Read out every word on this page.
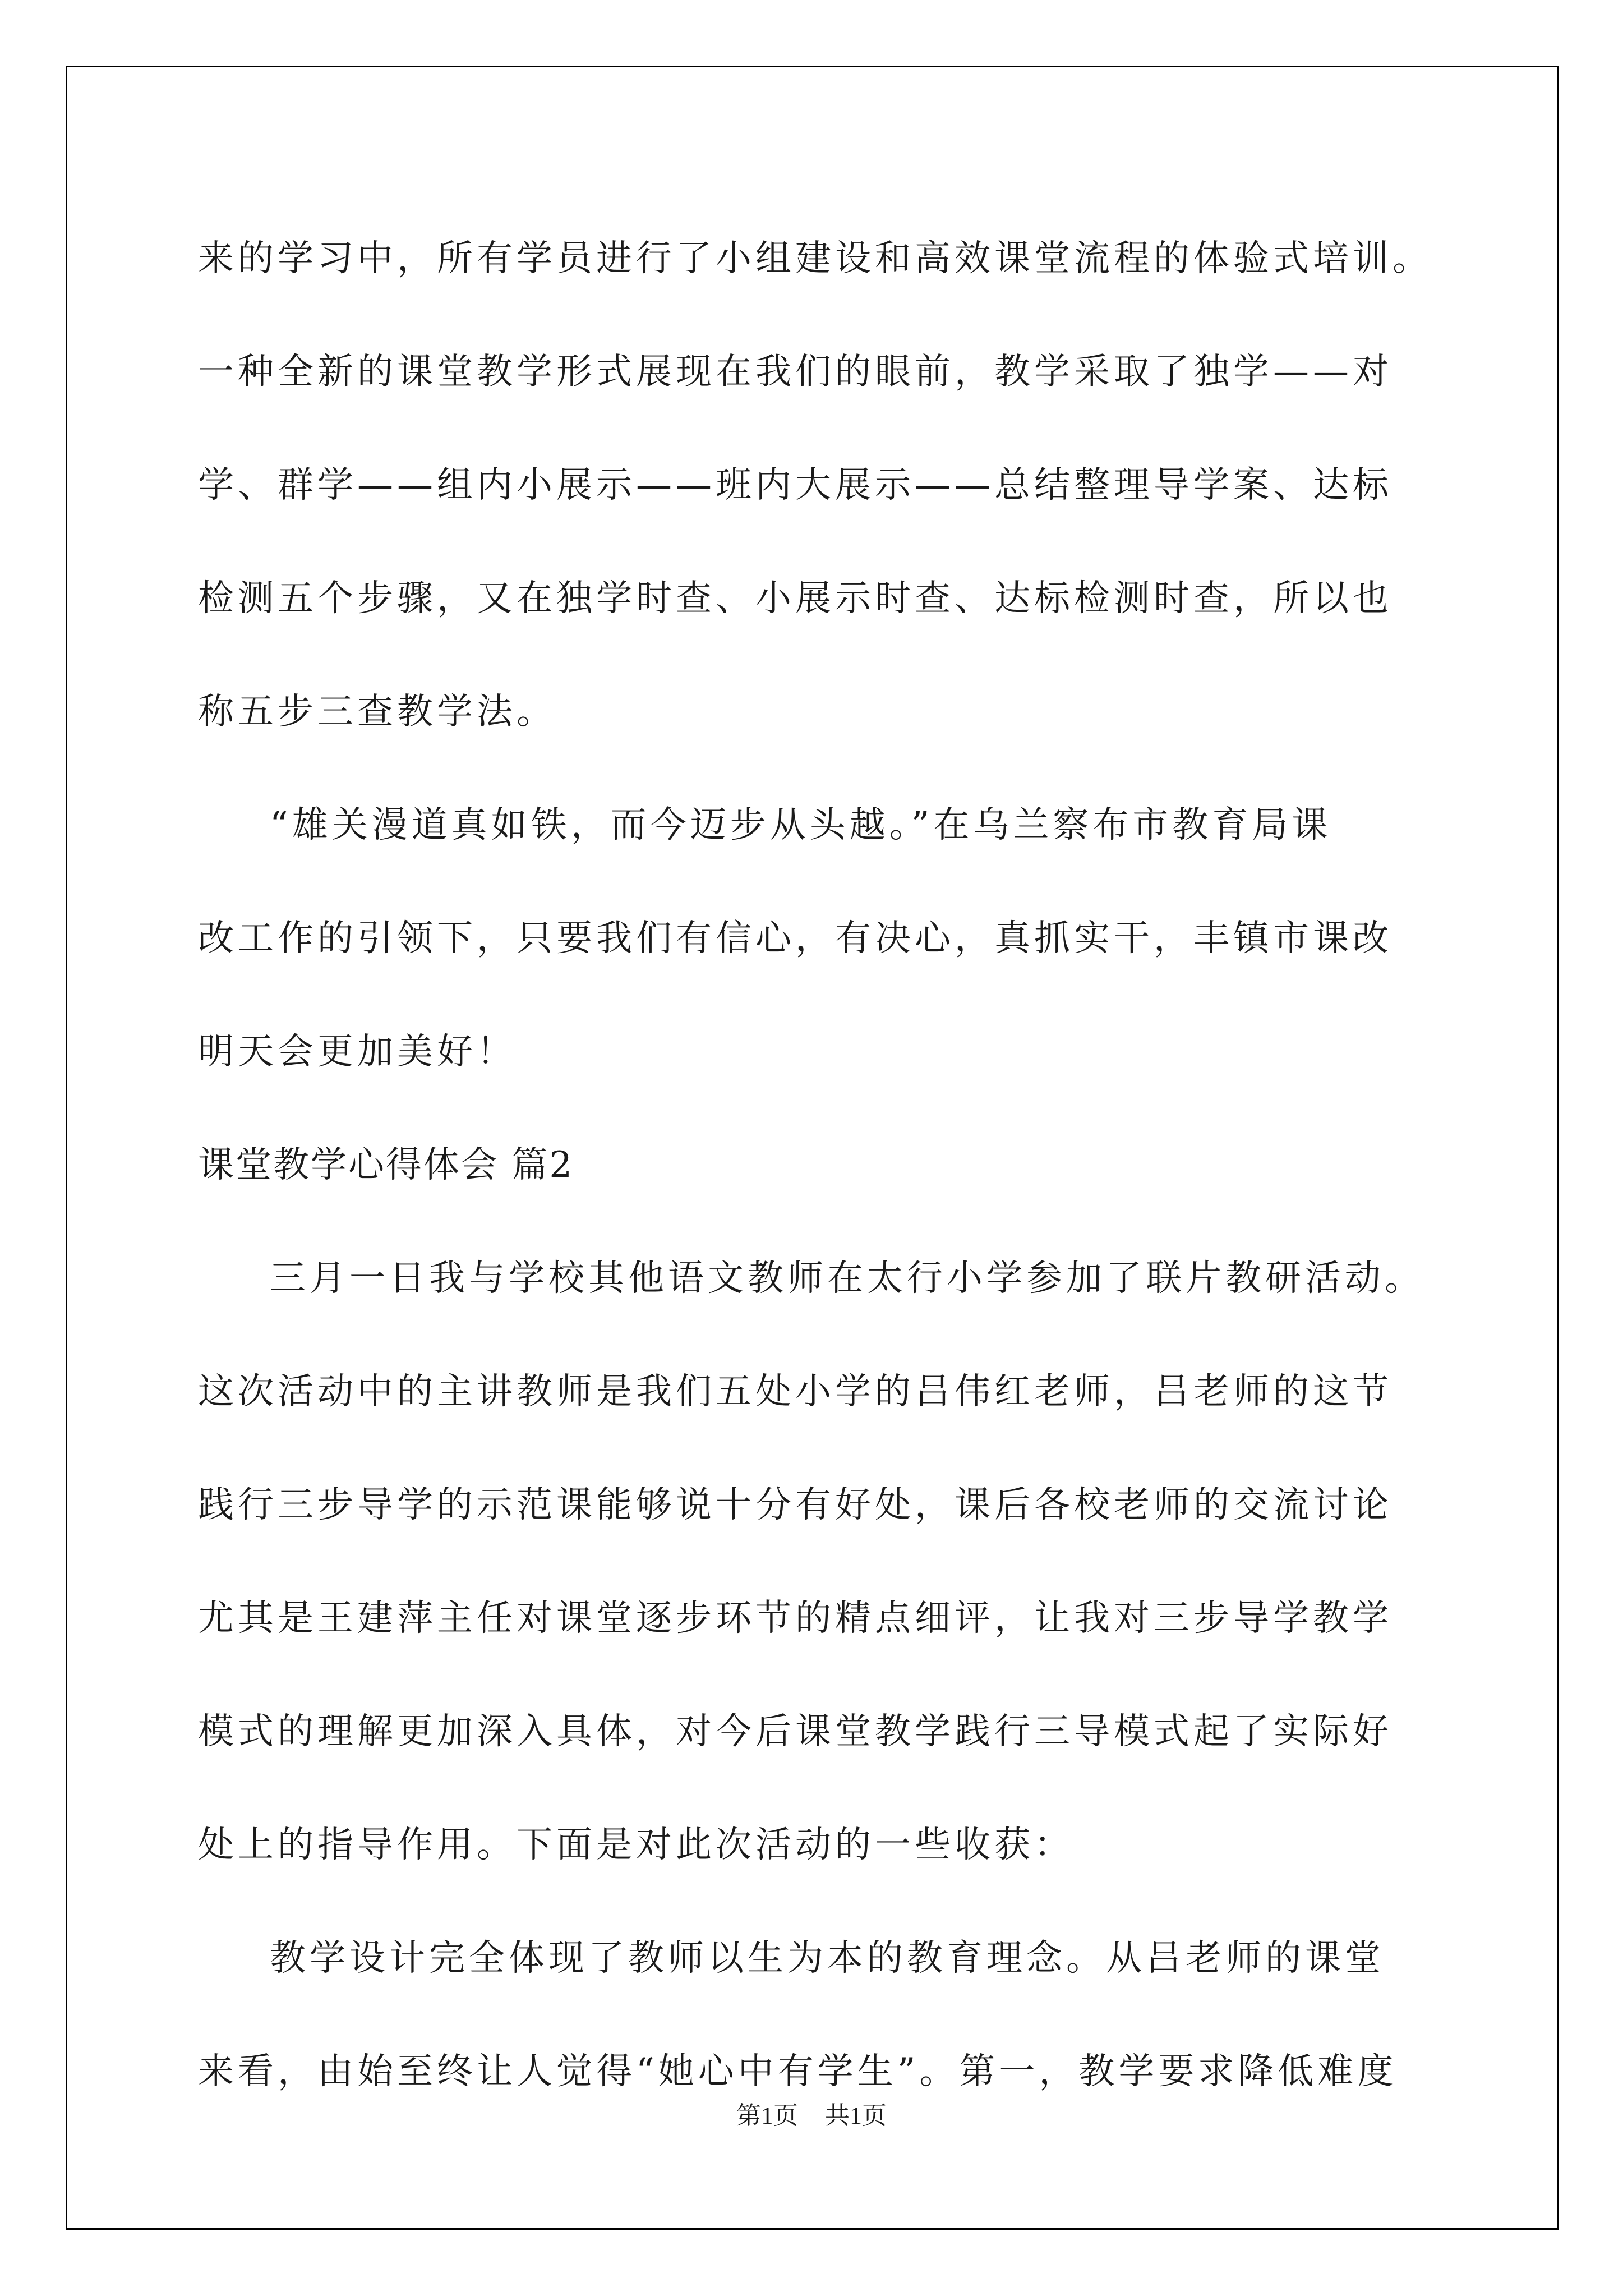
来的学习中，所有学员进行了小组建设和高效课堂流程的体验式培训。
一种全新的课堂教学形式展现在我们的眼前，教学采取了独学——对
学、群学——组内小展示——班内大展示——总结整理导学案、达标
检测五个步骤，又在独学时查、小展示时查、达标检测时查，所以也
称五步三查教学法。
“雄关漫道真如铁，而今迈步从头越。”在乌兰察布市教育局课
改工作的引领下，只要我们有信心，有决心，真抓实干，丰镇市课改
明天会更加美好！
课堂教学心得体会 篇2
三月一日我与学校其他语文教师在太行小学参加了联片教研活动。
这次活动中的主讲教师是我们五处小学的吕伟红老师，吕老师的这节
践行三步导学的示范课能够说十分有好处，课后各校老师的交流讨论
尤其是王建萍主任对课堂逐步环节的精点细评，让我对三步导学教学
模式的理解更加深入具体，对今后课堂教学践行三导模式起了实际好
处上的指导作用。下面是对此次活动的一些收获：
教学设计完全体现了教师以生为本的教育理念。从吕老师的课堂
来看，由始至终让人觉得“她心中有学生”。第一，教学要求降低难度
第1页 共1页
